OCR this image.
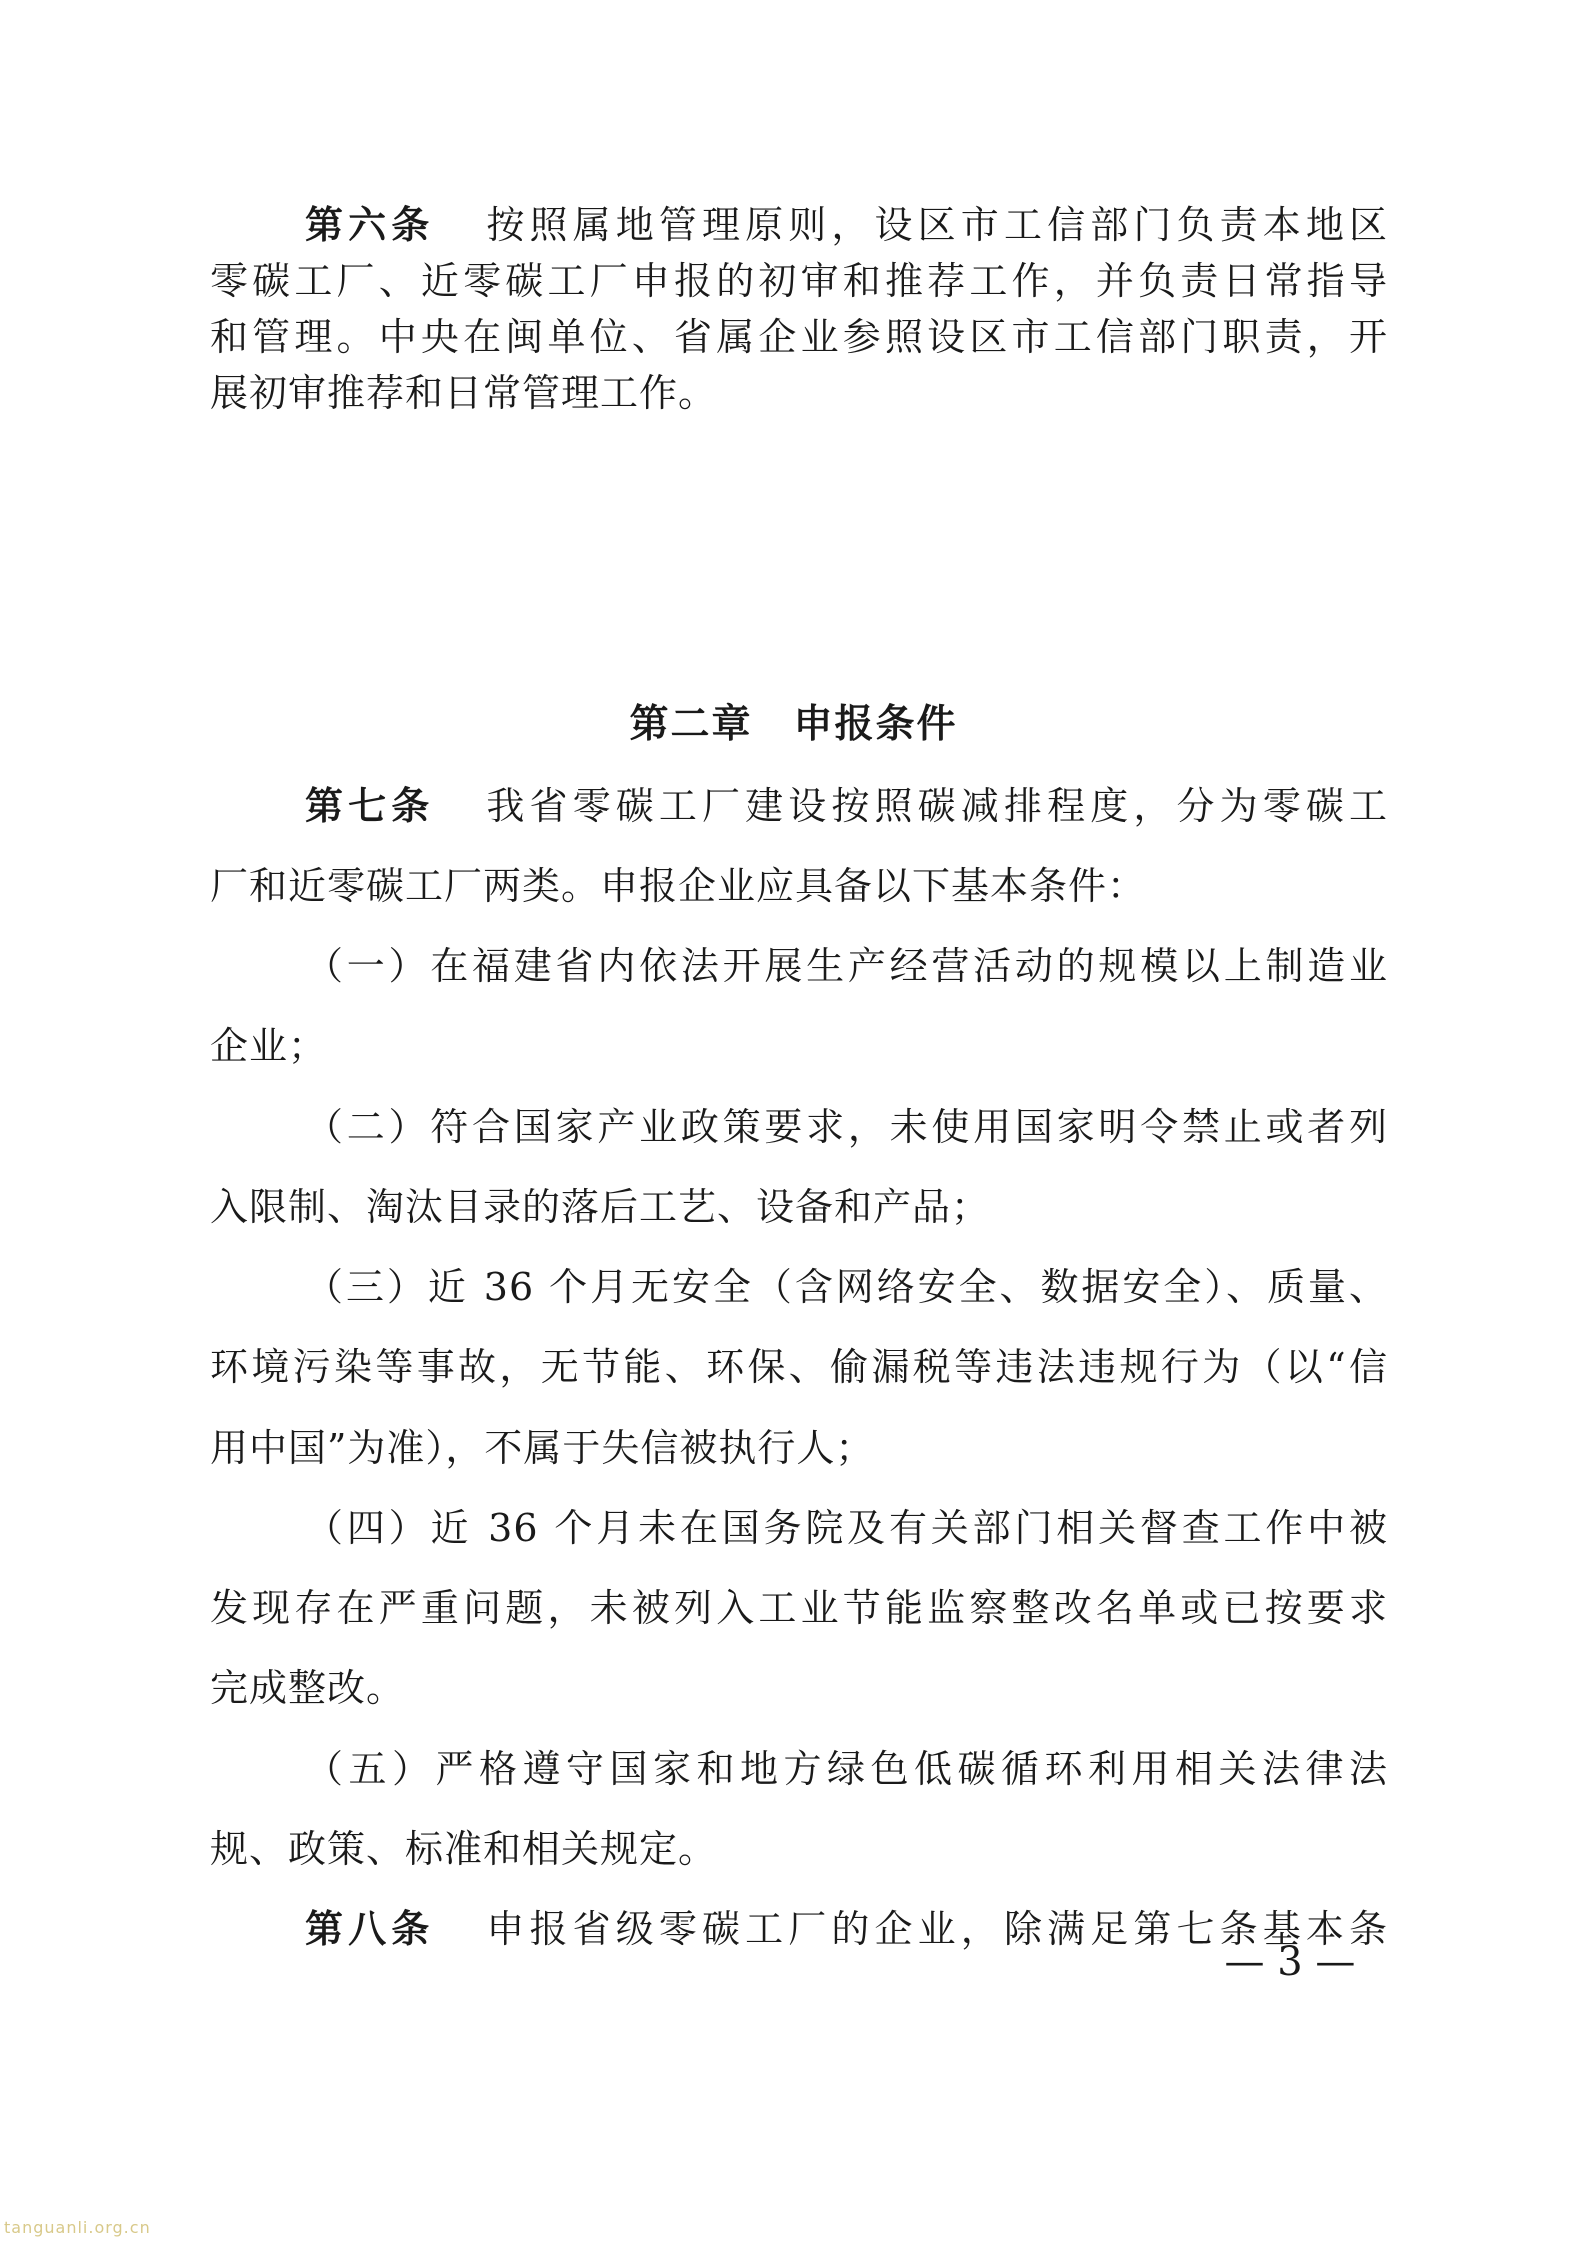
第六条 按照属地管理原则，设区市工信部门负责本地区
零碳工厂、近零碳工厂申报的初审和推荐工作，并负责日常指导
和管理。中央在闽单位、省属企业参照设区市工信部门职责，开
展初审推荐和日常管理工作。
第二章　申报条件
第七条 我省零碳工厂建设按照碳减排程度，分为零碳工
厂和近零碳工厂两类。申报企业应具备以下基本条件：
（一）在福建省内依法开展生产经营活动的规模以上制造业
企业；
（二）符合国家产业政策要求，未使用国家明令禁止或者列
入限制、淘汰目录的落后工艺、设备和产品；
（三）近 36 个月无安全（含网络安全、数据安全）、质量、
环境污染等事故，无节能、环保、偷漏税等违法违规行为（以“信
用中国”为准），不属于失信被执行人；
（四）近 36 个月未在国务院及有关部门相关督查工作中被
发现存在严重问题，未被列入工业节能监察整改名单或已按要求
完成整改。
（五）严格遵守国家和地方绿色低碳循环利用相关法律法
规、政策、标准和相关规定。
第八条 申报省级零碳工厂的企业，除满足第七条基本条
— 3 —
tanguanli.org.cn
